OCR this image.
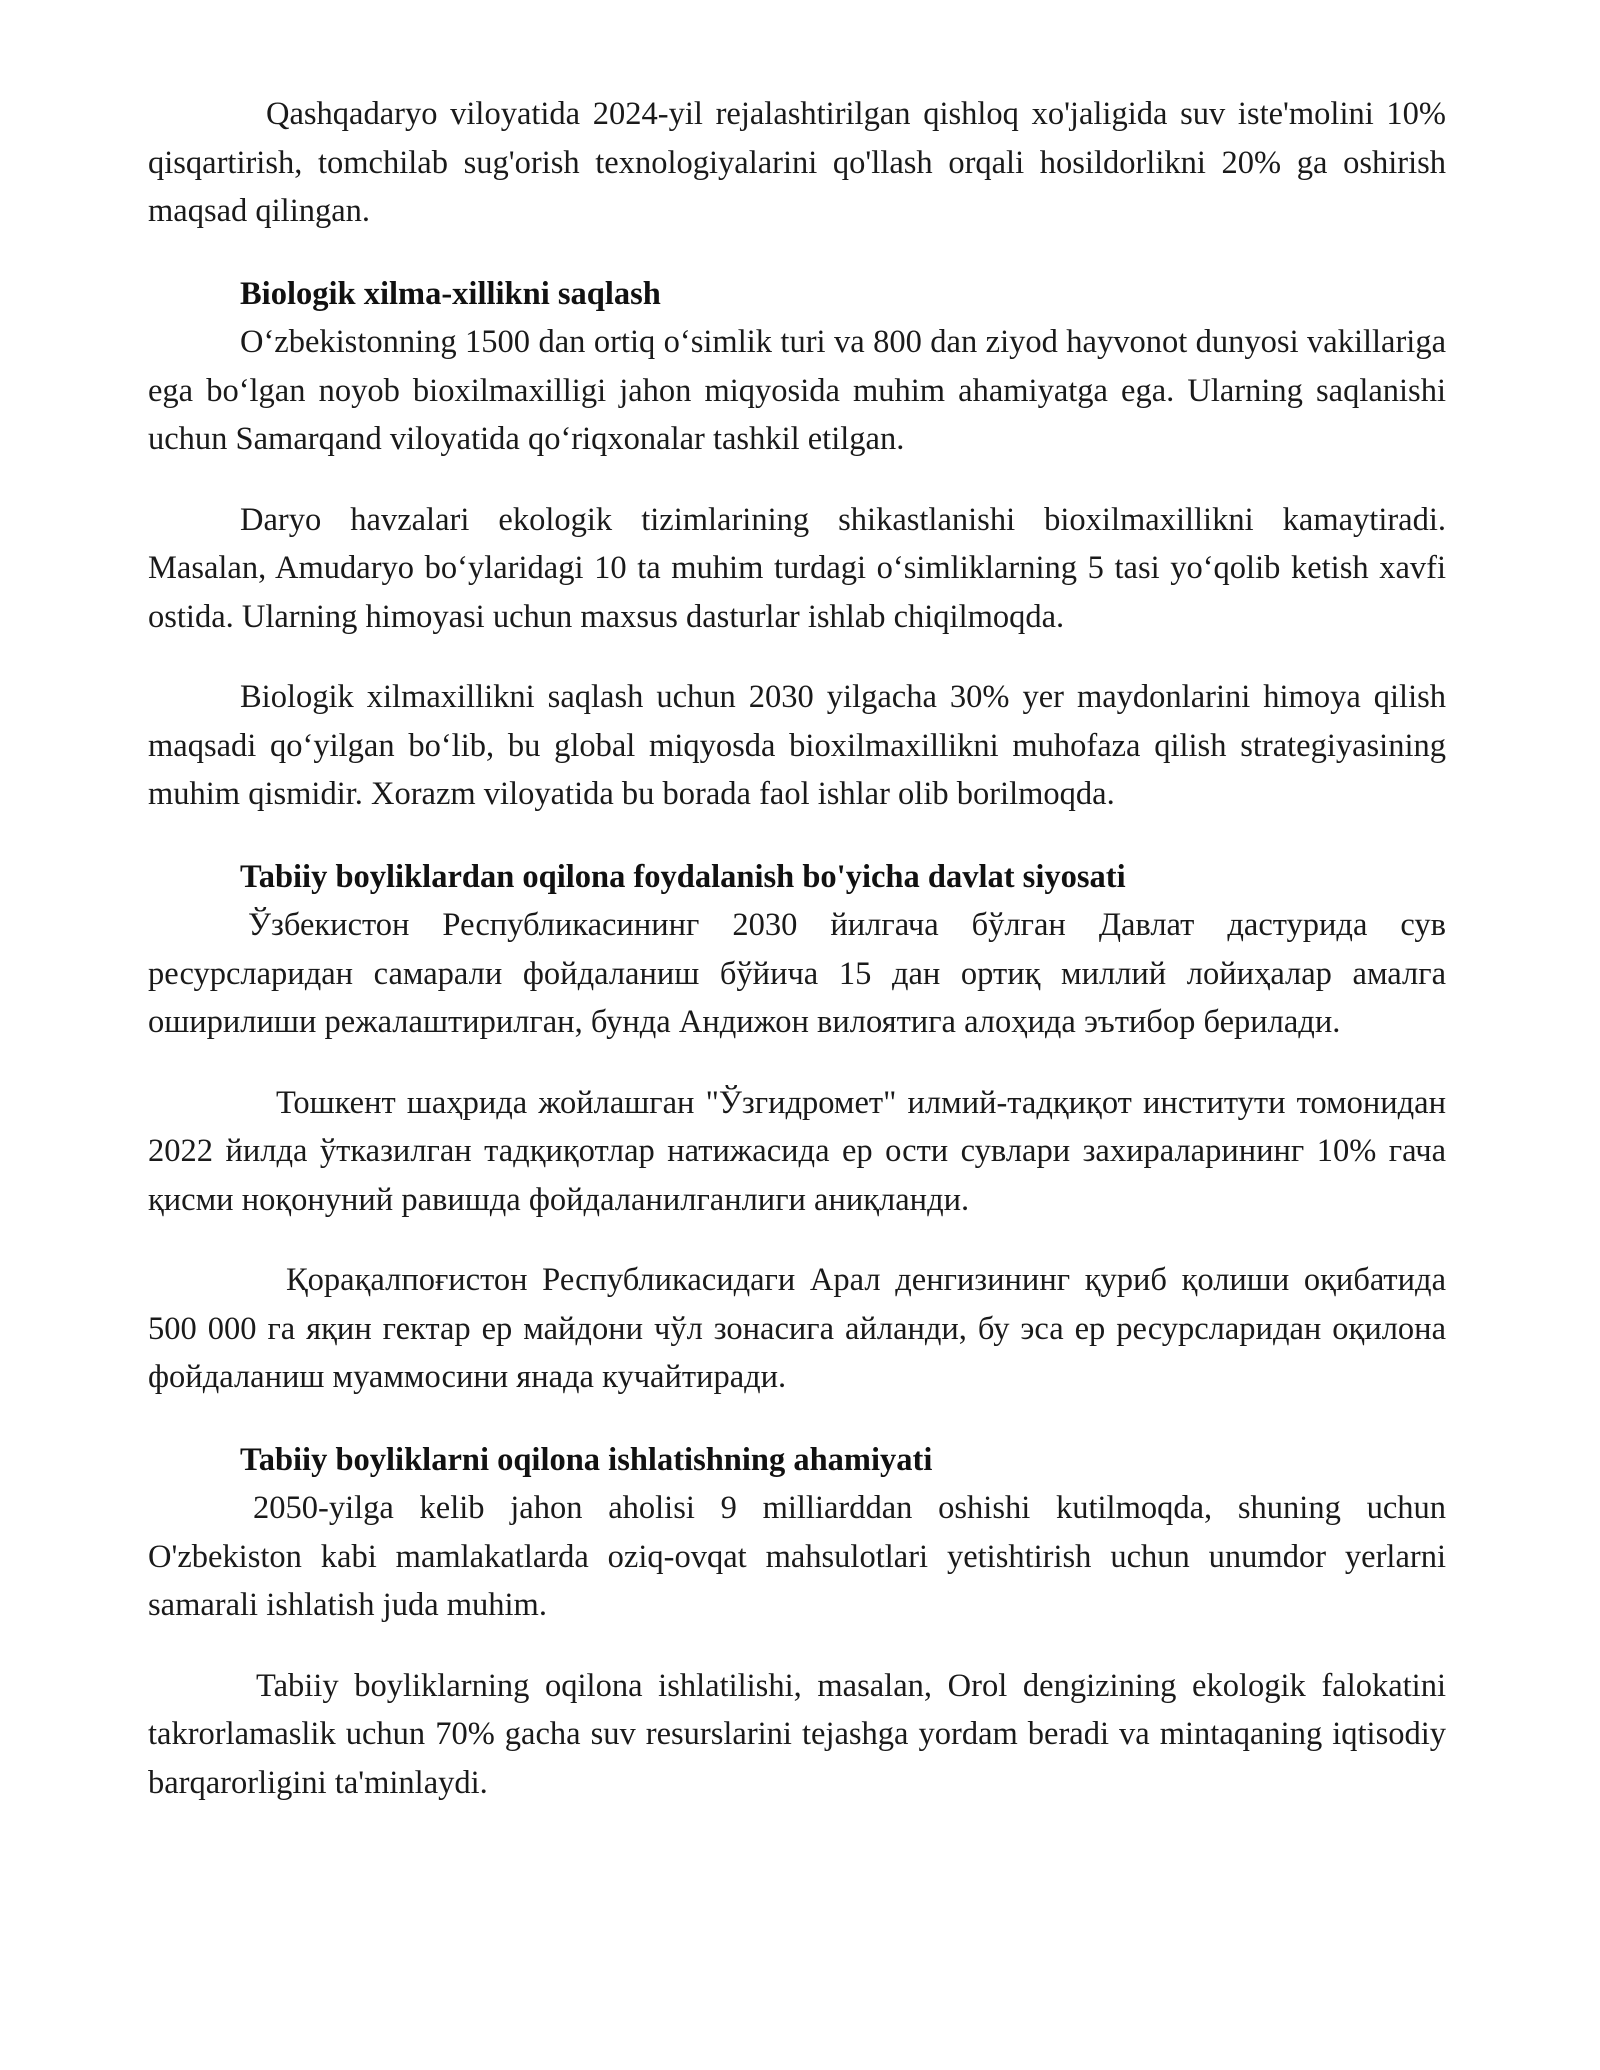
Qashqadaryo viloyatida 2024-yil rejalashtirilgan qishloq xo'jaligida suv iste'molini 10% qisqartirish, tomchilab sug'orish texnologiyalarini qo'llash orqali hosildorlikni 20% ga oshirish maqsad qilingan.

Biologik xilma-xillikni saqlash

O‘zbekistonning 1500 dan ortiq o‘simlik turi va 800 dan ziyod hayvonot dunyosi vakillariga ega bo‘lgan noyob bioxilmaxilligi jahon miqyosida muhim ahamiyatga ega. Ularning saqlanishi uchun Samarqand viloyatida qo‘riqxonalar tashkil etilgan.

Daryo havzalari ekologik tizimlarining shikastlanishi bioxilmaxillikni kamaytiradi. Masalan, Amudaryo bo‘ylaridagi 10 ta muhim turdagi o‘simliklarning 5 tasi yo‘qolib ketish xavfi ostida. Ularning himoyasi uchun maxsus dasturlar ishlab chiqilmoqda.

Biologik xilmaxillikni saqlash uchun 2030 yilgacha 30% yer maydonlarini himoya qilish maqsadi qo‘yilgan bo‘lib, bu global miqyosda bioxilmaxillikni muhofaza qilish strategiyasining muhim qismidir. Xorazm viloyatida bu borada faol ishlar olib borilmoqda.

Tabiiy boyliklardan oqilona foydalanish bo'yicha davlat siyosati

Ўзбекистон Республикасининг 2030 йилгача бўлган Давлат дастурида сув ресурсларидан самарали фойдаланиш бўйича 15 дан ортиқ миллий лойиҳалар амалга оширилиши режалаштирилган, бунда Андижон вилоятига алоҳида эътибор берилади.

Тошкент шаҳрида жойлашган "Ўзгидромет" илмий-тадқиқот институти томонидан 2022 йилда ўтказилган тадқиқотлар натижасида ер ости сувлари захираларининг 10% гача қисми ноқонуний равишда фойдаланилганлиги аниқланди.

Қорақалпоғистон Республикасидаги Арал денгизининг қуриб қолиши оқибатида 500 000 га яқин гектар ер майдони чўл зонасига айланди, бу эса ер ресурсларидан оқилона фойдаланиш муаммосини янада кучайтиради.

Tabiiy boyliklarni oqilona ishlatishning ahamiyati

2050-yilga kelib jahon aholisi 9 milliarddan oshishi kutilmoqda, shuning uchun O'zbekiston kabi mamlakatlarda oziq-ovqat mahsulotlari yetishtirish uchun unumdor yerlarni samarali ishlatish juda muhim.

Tabiiy boyliklarning oqilona ishlatilishi, masalan, Orol dengizining ekologik falokatini takrorlamaslik uchun 70% gacha suv resurslarini tejashga yordam beradi va mintaqaning iqtisodiy barqarorligini ta'minlaydi.
